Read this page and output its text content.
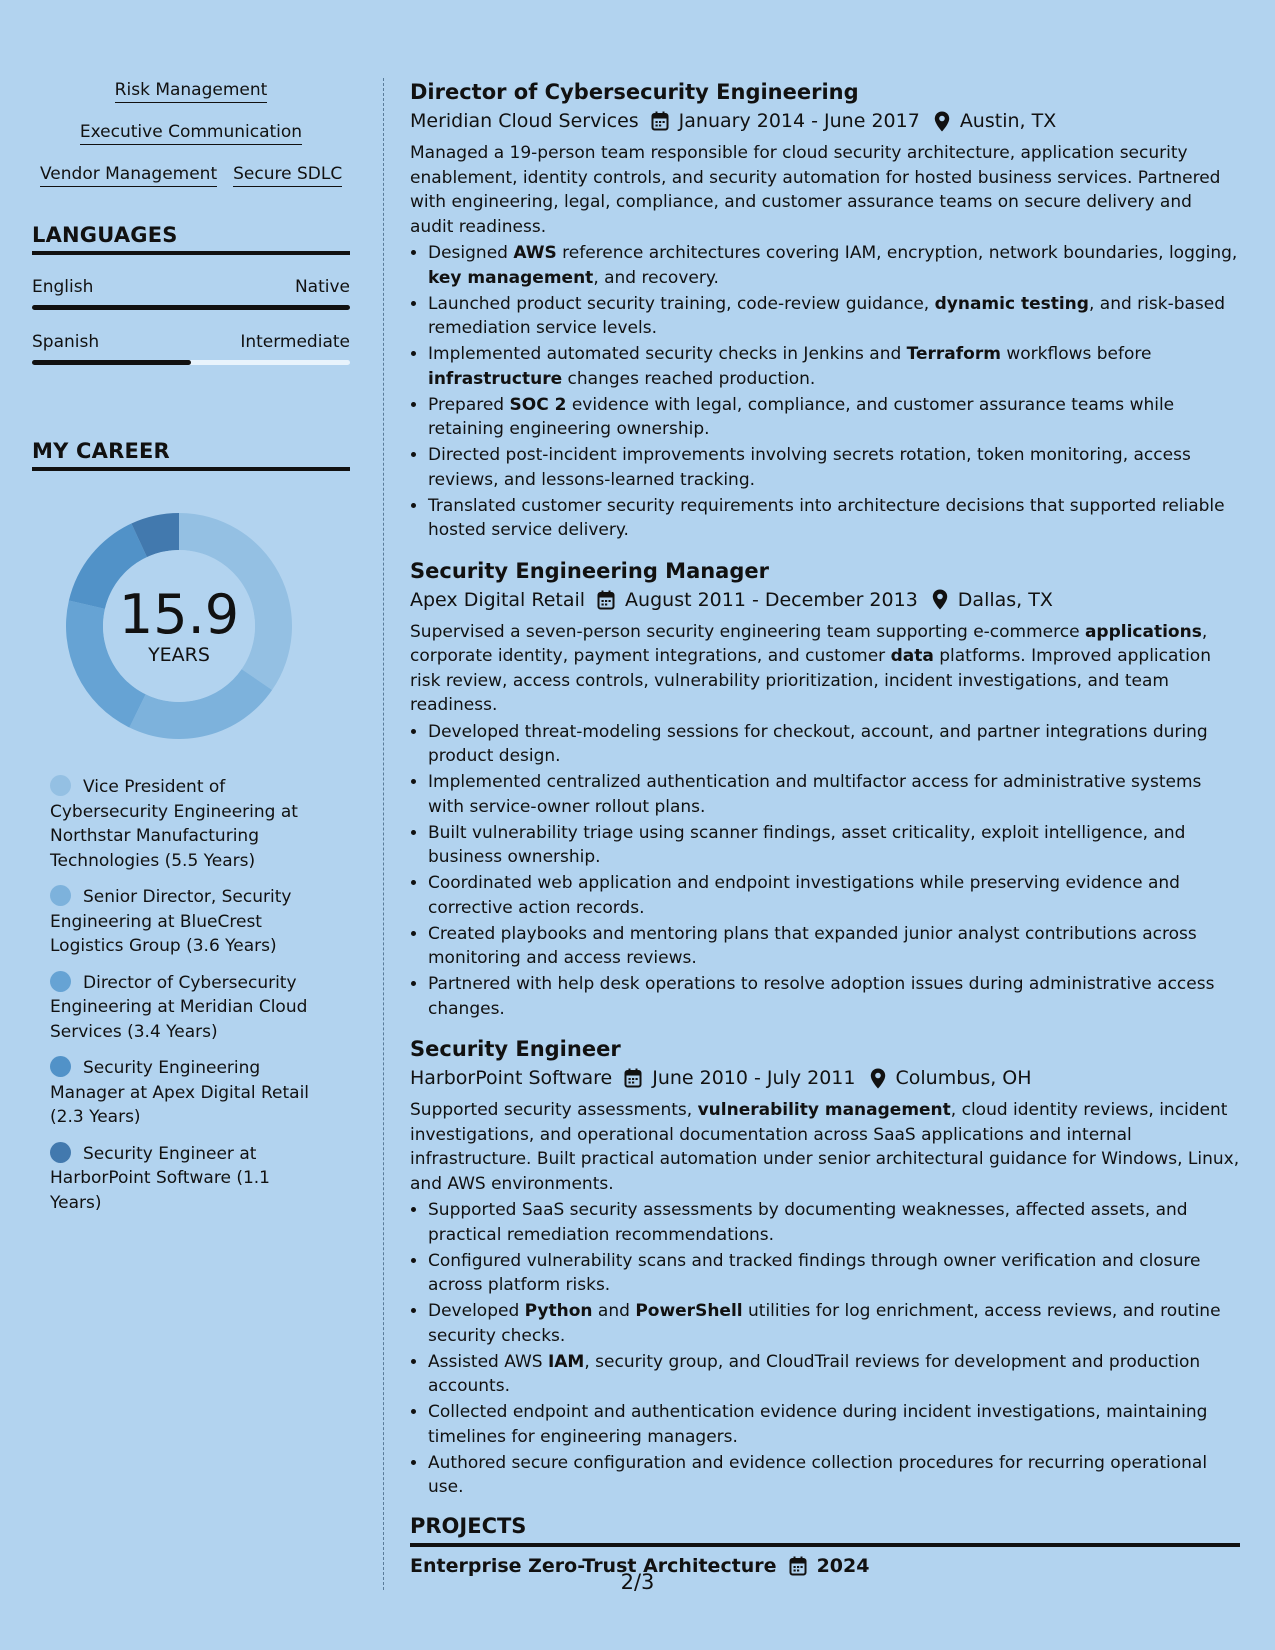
Risk Management
Executive Communication
Vendor Management Secure SDLC
LANGUAGES
English	Native
Spanish	Intermediate
MY CAREER
15.9
YEARS
Vice President of Cybersecurity Engineering at Northstar Manufacturing Technologies (5.5 Years)
Senior Director, Security Engineering at BlueCrest Logistics Group (3.6 Years)
Director of Cybersecurity Engineering at Meridian Cloud Services (3.4 Years)
Security Engineering Manager at Apex Digital Retail (2.3 Years)
Security Engineer at HarborPoint Software (1.1 Years)
Director of Cybersecurity Engineering
Meridian Cloud Services January 2014 - June 2017 Austin, TX

Managed a 19-person team responsible for cloud security architecture, application security enablement, identity controls, and security automation for hosted business services. Partnered with engineering, legal, compliance, and customer assurance teams on secure delivery and audit readiness.

• Designed AWS reference architectures covering IAM, encryption, network boundaries, logging, key management, and recovery.
• Launched product security training, code-review guidance, dynamic testing, and risk-based remediation service levels.
• Implemented automated security checks in Jenkins and Terraform workflows before infrastructure changes reached production.
• Prepared SOC 2 evidence with legal, compliance, and customer assurance teams while retaining engineering ownership.
• Directed post-incident improvements involving secrets rotation, token monitoring, access reviews, and lessons-learned tracking.
• Translated customer security requirements into architecture decisions that supported reliable hosted service delivery.
Security Engineering Manager
Apex Digital Retail August 2011 - December 2013 Dallas, TX

Supervised a seven-person security engineering team supporting e-commerce applications, corporate identity, payment integrations, and customer data platforms. Improved application risk review, access controls, vulnerability prioritization, incident investigations, and team readiness.

• Developed threat-modeling sessions for checkout, account, and partner integrations during product design.
• Implemented centralized authentication and multifactor access for administrative systems with service-owner rollout plans.
• Built vulnerability triage using scanner findings, asset criticality, exploit intelligence, and business ownership.
• Coordinated web application and endpoint investigations while preserving evidence and corrective action records.
• Created playbooks and mentoring plans that expanded junior analyst contributions across monitoring and access reviews.
• Partnered with help desk operations to resolve adoption issues during administrative access changes.
Security Engineer
HarborPoint Software June 2010 - July 2011 Columbus, OH

Supported security assessments, vulnerability management, cloud identity reviews, incident investigations, and operational documentation across SaaS applications and internal infrastructure. Built practical automation under senior architectural guidance for Windows, Linux, and AWS environments.

• Supported SaaS security assessments by documenting weaknesses, affected assets, and practical remediation recommendations.
• Configured vulnerability scans and tracked findings through owner verification and closure across platform risks.
• Developed Python and PowerShell utilities for log enrichment, access reviews, and routine security checks.
• Assisted AWS IAM, security group, and CloudTrail reviews for development and production accounts.
• Collected endpoint and authentication evidence during incident investigations, maintaining timelines for engineering managers.
• Authored secure configuration and evidence collection procedures for recurring operational use.
PROJECTS
Enterprise Zero-Trust Architecture 2024
2/3
